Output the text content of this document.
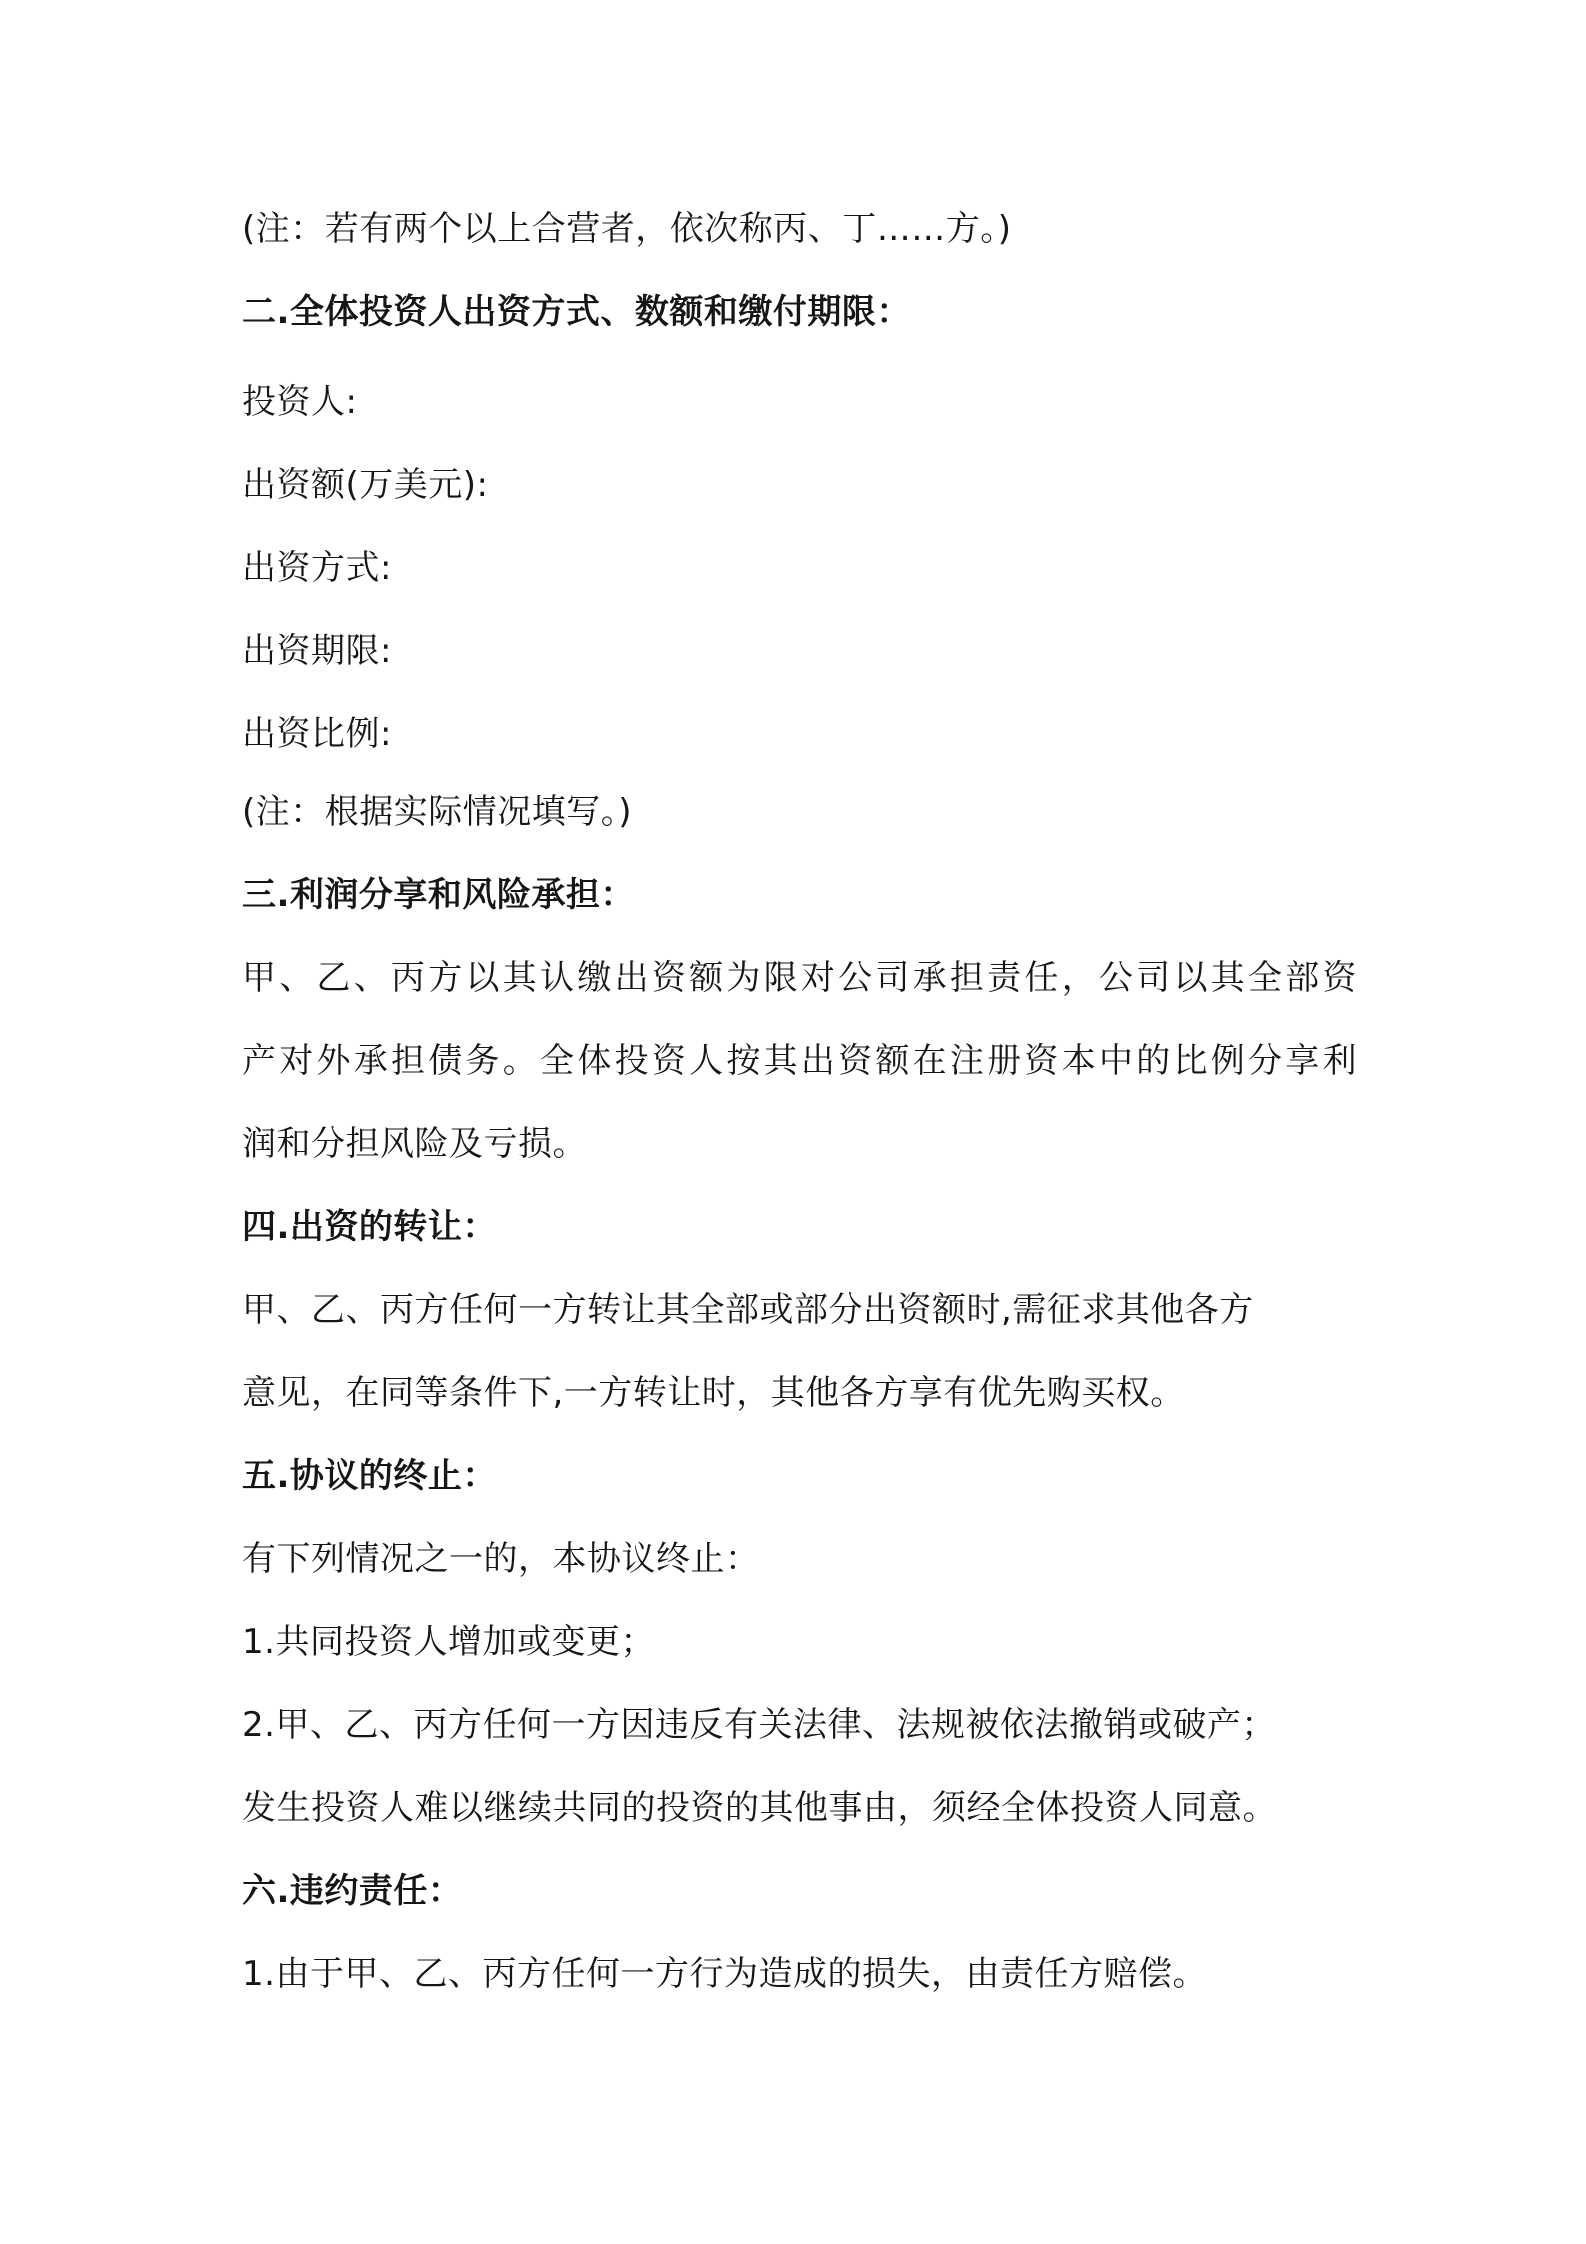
(注：若有两个以上合营者，依次称丙、丁……方。)
二.全体投资人出资方式、数额和缴付期限：
投资人:
出资额(万美元):
出资方式:
出资期限:
出资比例:
(注：根据实际情况填写。)
三.利润分享和风险承担：
甲、乙、丙方以其认缴出资额为限对公司承担责任，公司以其全部资
产对外承担债务。全体投资人按其出资额在注册资本中的比例分享利
润和分担风险及亏损。
四.出资的转让：
甲、乙、丙方任何一方转让其全部或部分出资额时,需征求其他各方
意见，在同等条件下,一方转让时，其他各方享有优先购买权。
五.协议的终止：
有下列情况之一的，本协议终止：
1.共同投资人增加或变更；
2.甲、乙、丙方任何一方因违反有关法律、法规被依法撤销或破产；
发生投资人难以继续共同的投资的其他事由，须经全体投资人同意。
六.违约责任：
1.由于甲、乙、丙方任何一方行为造成的损失，由责任方赔偿。
